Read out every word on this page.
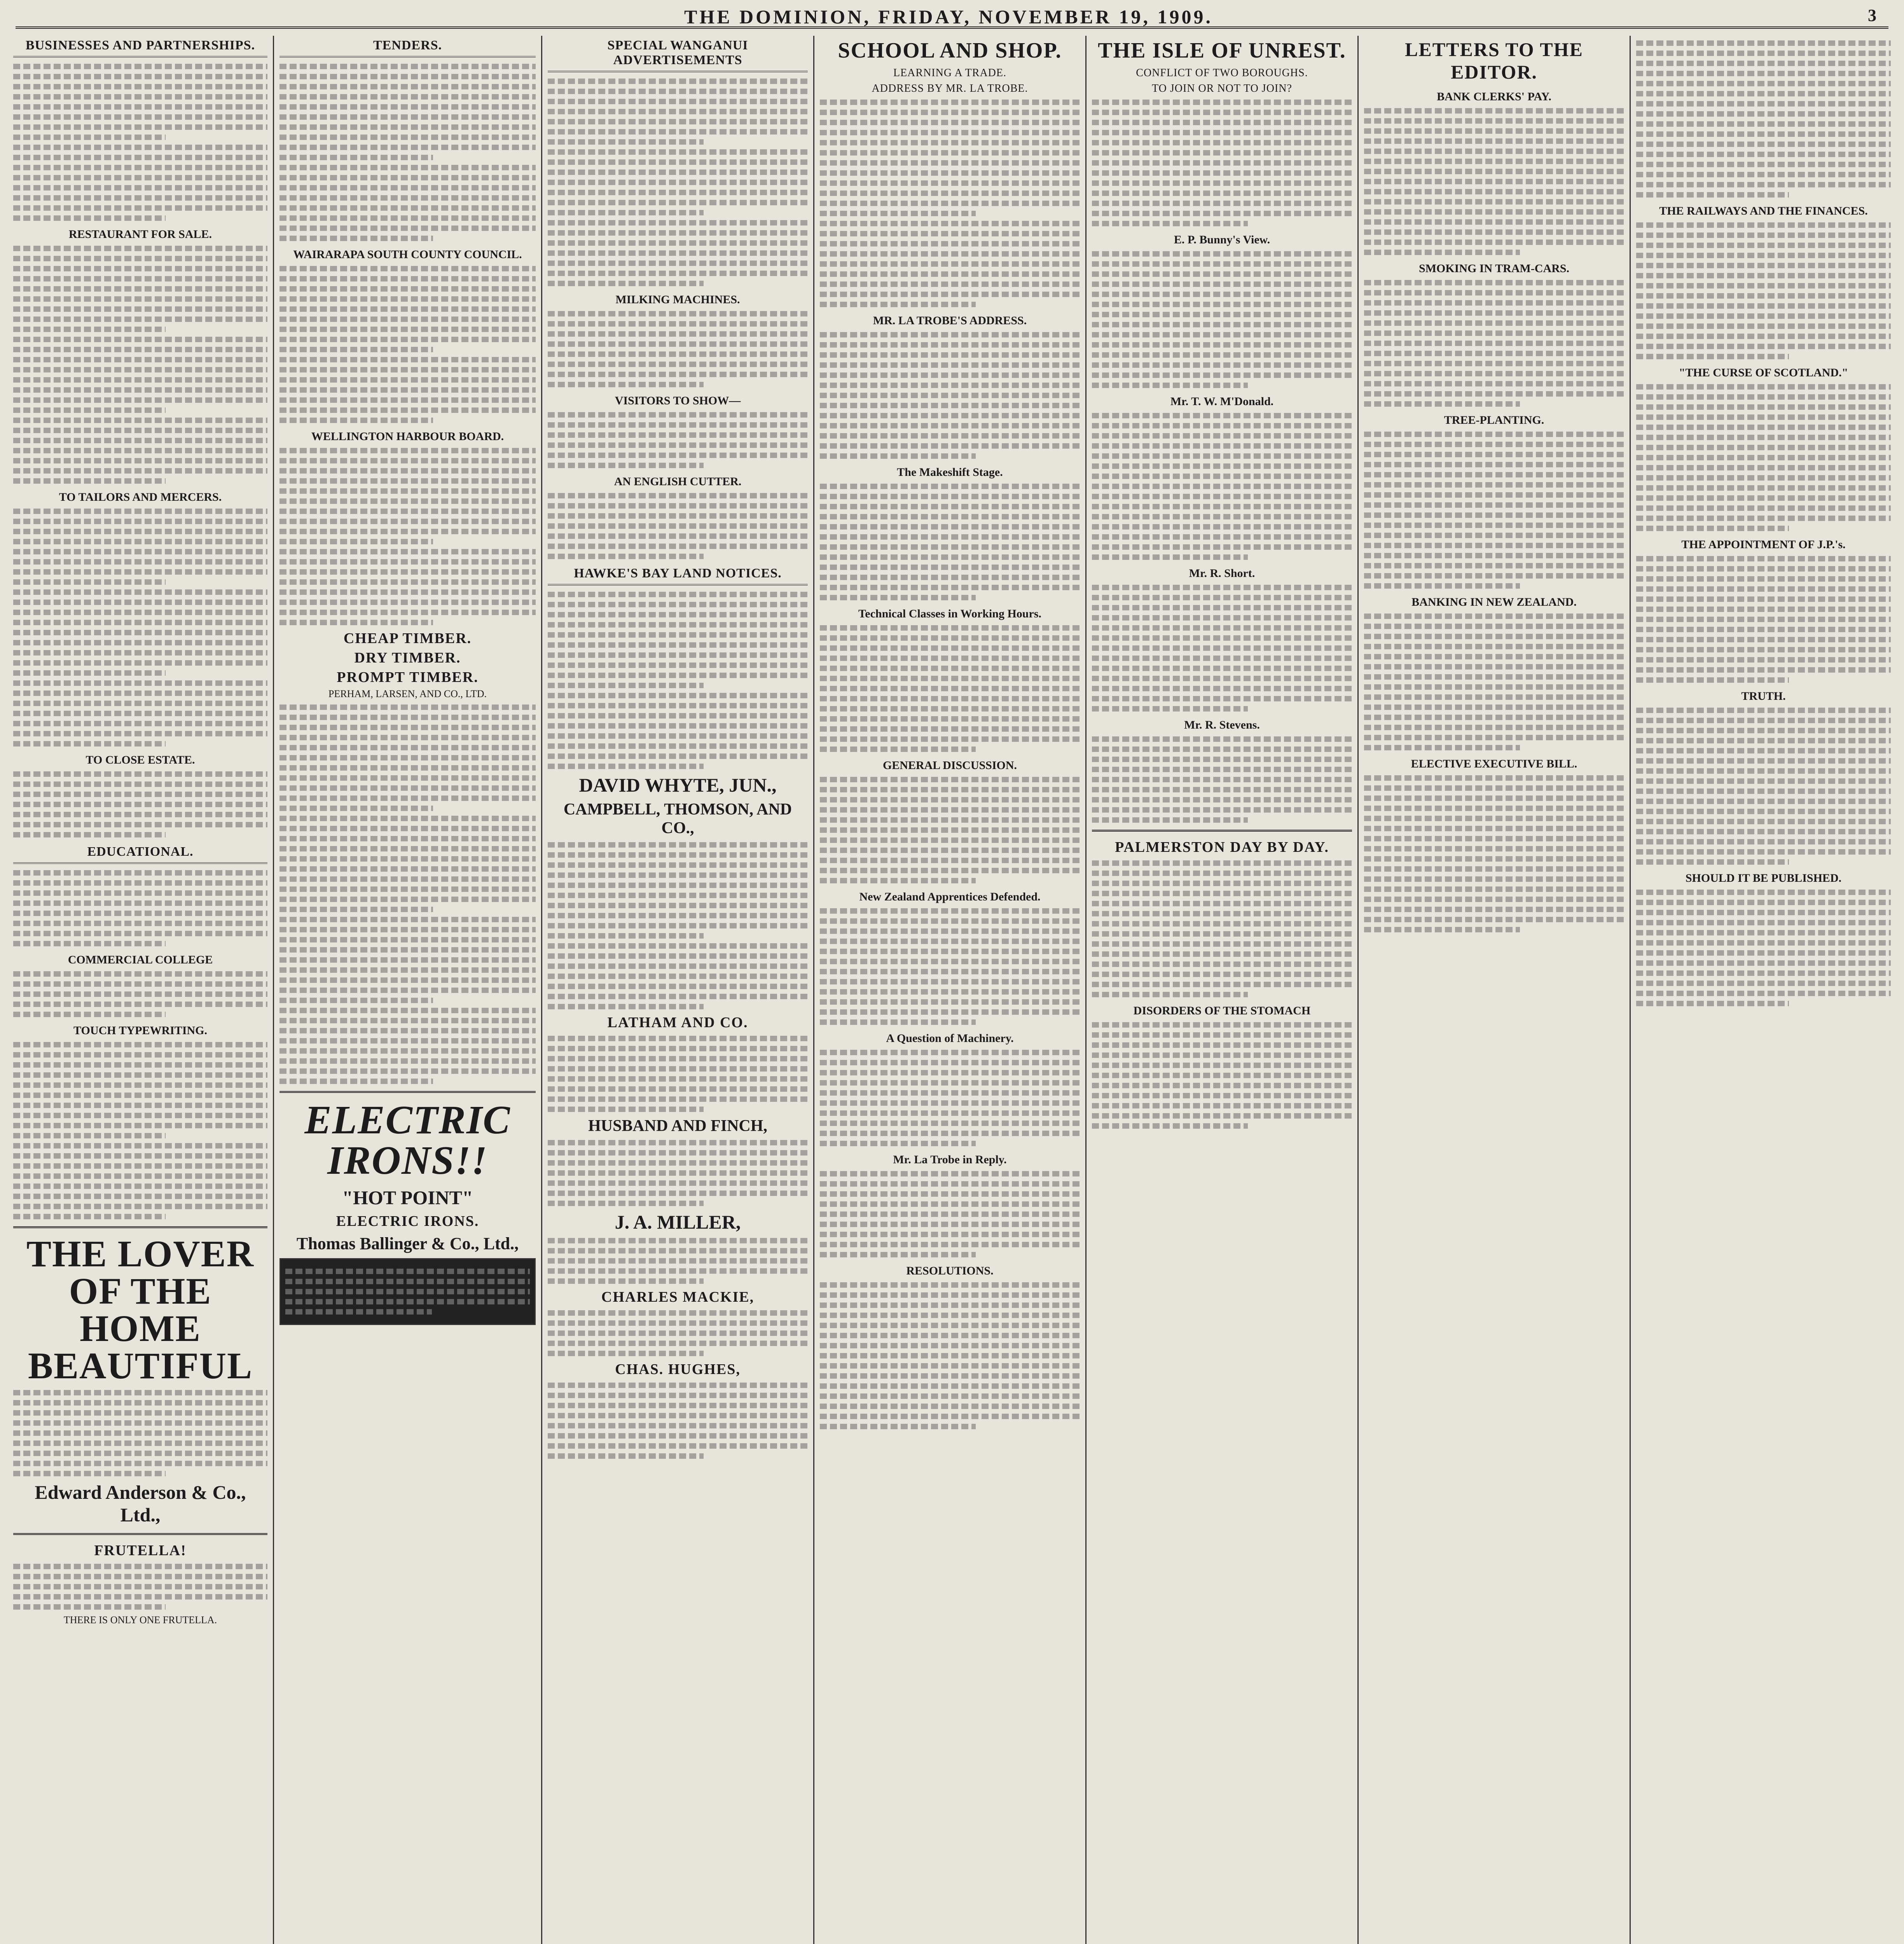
THE DOMINION, FRIDAY, NOVEMBER 19, 1909.	3
BUSINESSES AND PARTNERSHIPS.
RESTAURANT FOR SALE.
TO TAILORS AND MERCERS.
TO CLOSE ESTATE.
EDUCATIONAL.
COMMERCIAL COLLEGE
TOUCH TYPEWRITING.
THE LOVER OF THE HOME BEAUTIFUL
Edward Anderson & Co., Ltd.,
FRUTELLA!
THERE IS ONLY ONE FRUTELLA.
TENDERS.
WAIRARAPA SOUTH COUNTY COUNCIL.
WELLINGTON HARBOUR BOARD.
CHEAP TIMBER.
DRY TIMBER.
PROMPT TIMBER.
PERHAM, LARSEN, AND CO., LTD.
ELECTRIC IRONS!!
"HOT POINT"
ELECTRIC IRONS.
Thomas Ballinger & Co., Ltd.,
SPECIAL WANGANUI ADVERTISEMENTS
MILKING MACHINES.
VISITORS TO SHOW—
AN ENGLISH CUTTER.
HAWKE'S BAY LAND NOTICES.
DAVID WHYTE, JUN.,
CAMPBELL, THOMSON, AND CO.,
LATHAM AND CO.
HUSBAND AND FINCH,
J. A. MILLER,
CHARLES MACKIE,
CHAS. HUGHES,
SCHOOL AND SHOP.
LEARNING A TRADE.
ADDRESS BY MR. LA TROBE.
MR. LA TROBE'S ADDRESS.
The Makeshift Stage.
Technical Classes in Working Hours.
GENERAL DISCUSSION.
New Zealand Apprentices Defended.
A Question of Machinery.
Mr. La Trobe in Reply.
RESOLUTIONS.
THE ISLE OF UNREST.
CONFLICT OF TWO BOROUGHS.
TO JOIN OR NOT TO JOIN?
E. P. Bunny's View.
Mr. T. W. M'Donald.
Mr. R. Short.
Mr. R. Stevens.
PALMERSTON DAY BY DAY.
DISORDERS OF THE STOMACH
LETTERS TO THE EDITOR.
BANK CLERKS' PAY.
SMOKING IN TRAM-CARS.
TREE-PLANTING.
BANKING IN NEW ZEALAND.
ELECTIVE EXECUTIVE BILL.
THE RAILWAYS AND THE FINANCES.
"THE CURSE OF SCOTLAND."
THE APPOINTMENT OF J.P.'s.
TRUTH.
SHOULD IT BE PUBLISHED.
